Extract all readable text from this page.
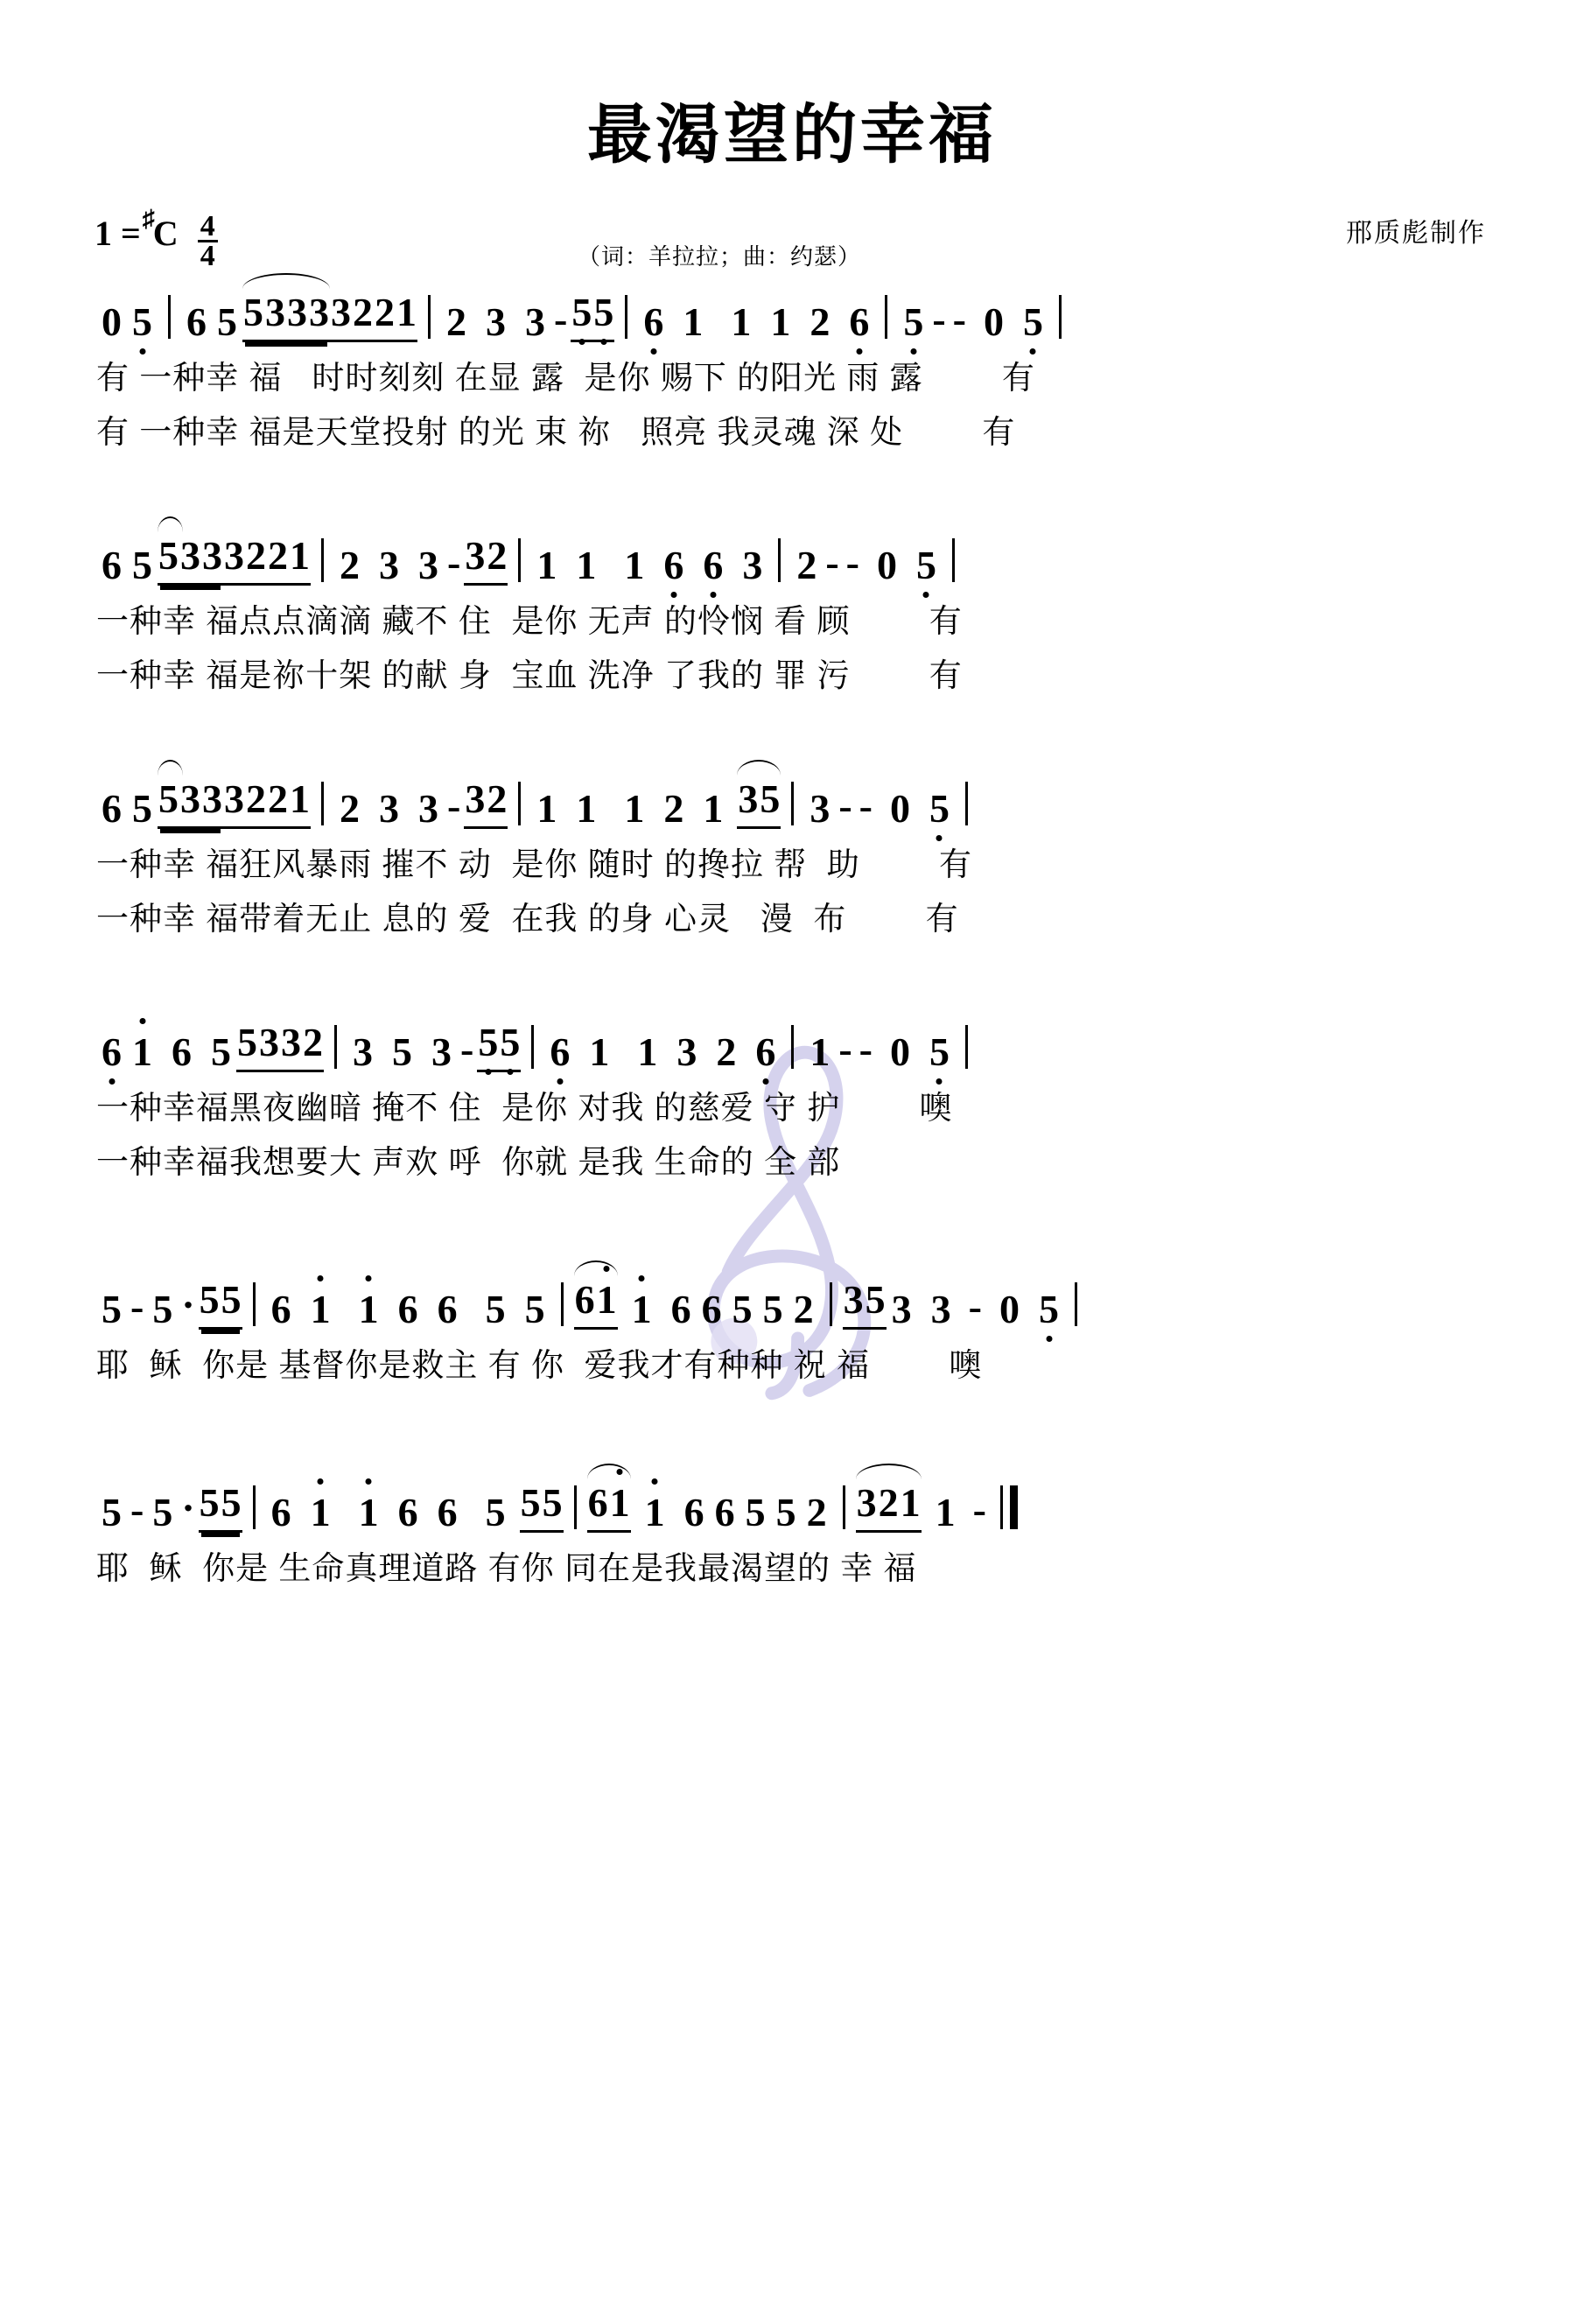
最渴望的幸福
1 = ♯
C $\frac{4}{4}$	（词：羊拉拉；曲：约瑟）
邢质彪制作
0 5 6 5 5333 32 21 2 3 3 - 5
5 6 1 1 1 2 6 5 - - 0 5
有 一种幸 福   时时刻刻 在显 露  是你 赐下 的阳光 雨 露        有
有 一种幸 福是天堂投射 的光 束 祢   照亮 我灵魂 深 处        有
6 5 533 32 21 2 3 3 - 32 1 1 1 6 6 3 2 - - 0 5
一种幸 福点点滴滴 藏不 住  是你 无声 的怜悯 看 顾        有
一种幸 福是祢十架 的献 身  宝血 洗净 了我的 罪 污        有
6 5 533 32 21 2 3 3 - 32 1 1 1 2 1 35 3 - - 0 5
一种幸 福狂风暴雨 摧不 动  是你 随时 的搀拉 帮  助        有
一种幸 福带着无止 息的 爱  在我 的身 心灵   漫  布        有
6 1 6 5 53 32 3 5 3 - 5
5 6 1 1 3 2 6 1 - - 0 5
一种幸福黑夜幽暗 掩不 住  是你 对我 的慈爱 守 护        噢
一种幸福我想要大 声欢 呼  你就 是我 生命的 全 部
5 - 5 · 55 6 1 1 6 6 5 5 61 1 6 6 5 5 2 35 3 3 - 0 5
耶  稣  你是 基督你是救主 有 你  爱我才有种种 祝 福        噢
5 - 5 · 55 6 1 1 6 6 5 55 61 1 6 6 5 5 2 321 1 -
耶  稣  你是 生命真理道路 有你 同在是我最渴望的 幸 福
